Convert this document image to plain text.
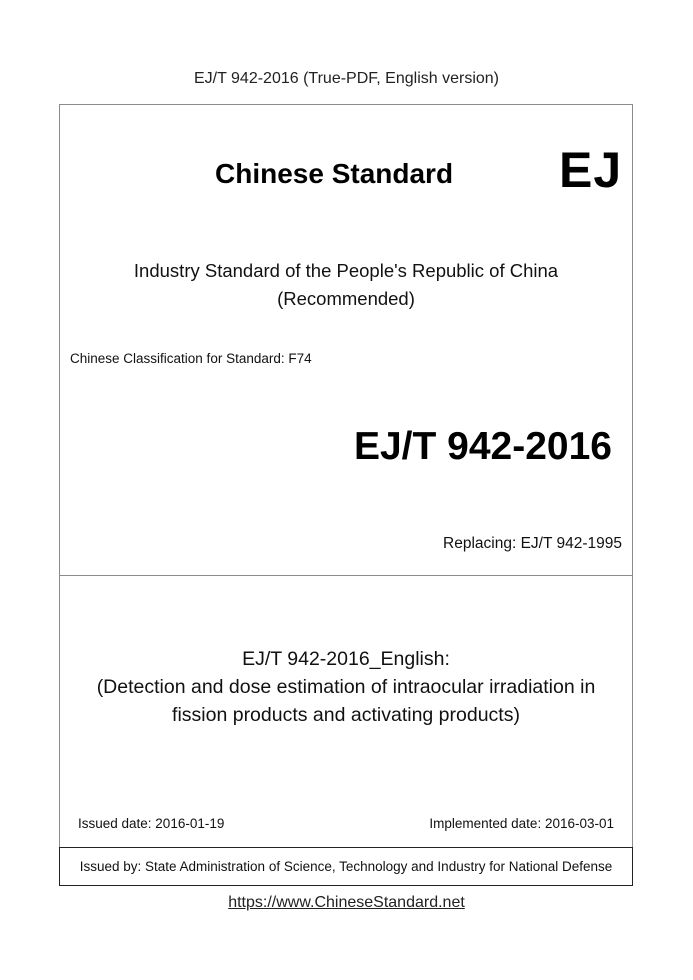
EJ/T 942-2016 (True-PDF, English version)
Chinese Standard EJ
Industry Standard of the People's Republic of China
(Recommended)
Chinese Classification for Standard: F74
EJ/T 942-2016
Replacing: EJ/T 942-1995
EJ/T 942-2016_English:
(Detection and dose estimation of intraocular irradiation in
fission products and activating products)
Issued date: 2016-01-19	Implemented date: 2016-03-01
Issued by: State Administration of Science, Technology and Industry for National Defense
https://www.ChineseStandard.net
